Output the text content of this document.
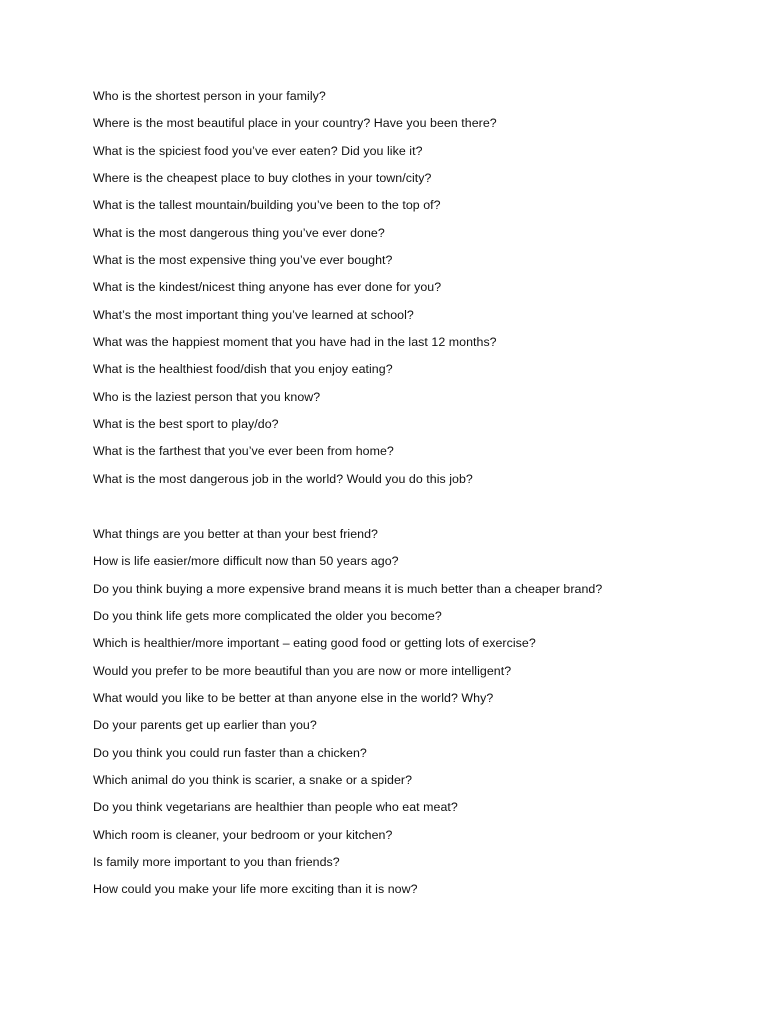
Who is the shortest person in your family?
Where is the most beautiful place in your country? Have you been there?
What is the spiciest food you’ve ever eaten? Did you like it?
Where is the cheapest place to buy clothes in your town/city?
What is the tallest mountain/building you’ve been to the top of?
What is the most dangerous thing you’ve ever done?
What is the most expensive thing you’ve ever bought?
What is the kindest/nicest thing anyone has ever done for you?
What’s the most important thing you’ve learned at school?
What was the happiest moment that you have had in the last 12 months?
What is the healthiest food/dish that you enjoy eating?
Who is the laziest person that you know?
What is the best sport to play/do?
What is the farthest that you’ve ever been from home?
What is the most dangerous job in the world? Would you do this job?
What things are you better at than your best friend?
How is life easier/more difficult now than 50 years ago?
Do you think buying a more expensive brand means it is much better than a cheaper brand?
Do you think life gets more complicated the older you become?
Which is healthier/more important – eating good food or getting lots of exercise?
Would you prefer to be more beautiful than you are now or more intelligent?
What would you like to be better at than anyone else in the world? Why?
Do your parents get up earlier than you?
Do you think you could run faster than a chicken?
Which animal do you think is scarier, a snake or a spider?
Do you think vegetarians are healthier than people who eat meat?
Which room is cleaner, your bedroom or your kitchen?
Is family more important to you than friends?
How could you make your life more exciting than it is now?
